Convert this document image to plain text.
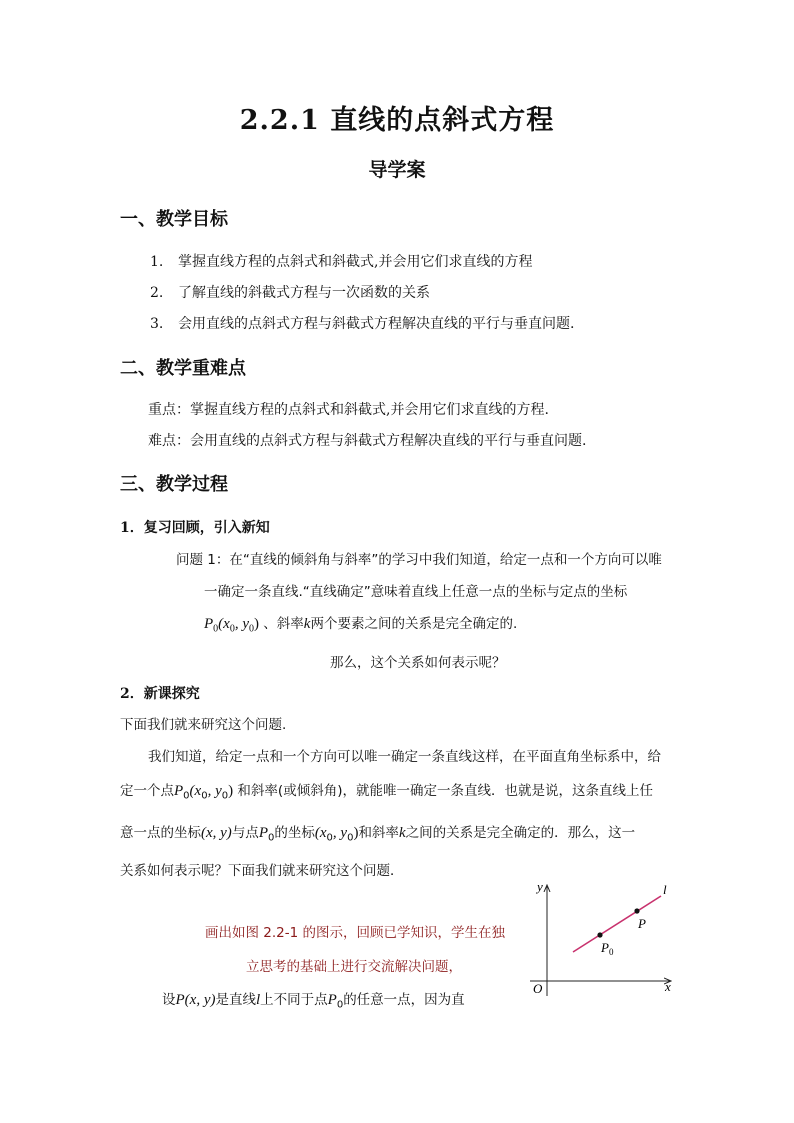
2.2.1 直线的点斜式方程
导学案
一、教学目标
1. 掌握直线方程的点斜式和斜截式,并会用它们求直线的方程
2. 了解直线的斜截式方程与一次函数的关系
3. 会用直线的点斜式方程与斜截式方程解决直线的平行与垂直问题.
二、教学重难点
重点：掌握直线方程的点斜式和斜截式,并会用它们求直线的方程.
难点：会用直线的点斜式方程与斜截式方程解决直线的平行与垂直问题.
三、教学过程
1．复习回顾，引入新知
问题 1：在“直线的倾斜角与斜率”的学习中我们知道，给定一点和一个方向可以唯
一确定一条直线.“直线确定”意味着直线上任意一点的坐标与定点的坐标
$P_0(x_0$, $y_0$) 、斜率k两个要素之间的关系是完全确定的.
那么，这个关系如何表示呢？
2．新课探究
下面我们就来研究这个问题.
我们知道，给定一点和一个方向可以唯一确定一条直线这样，在平面直角坐标系中，给
定一个点$P_0(x_0$, $y_0$) 和斜率(或倾斜角)，就能唯一确定一条直线．也就是说，这条直线上任
意一点的坐标(x, y)与点$P_0$的坐标($x_0$, $y_0$)和斜率k之间的关系是完全确定的．那么，这一
关系如何表示呢？下面我们就来研究这个问题．
画出如图 2.2-1 的图示，回顾已学知识，学生在独
立思考的基础上进行交流解决问题，
设P(x, y)是直线l上不同于点$P_0$的任意一点，因为直
y
x
O
l
P
$P_0$
